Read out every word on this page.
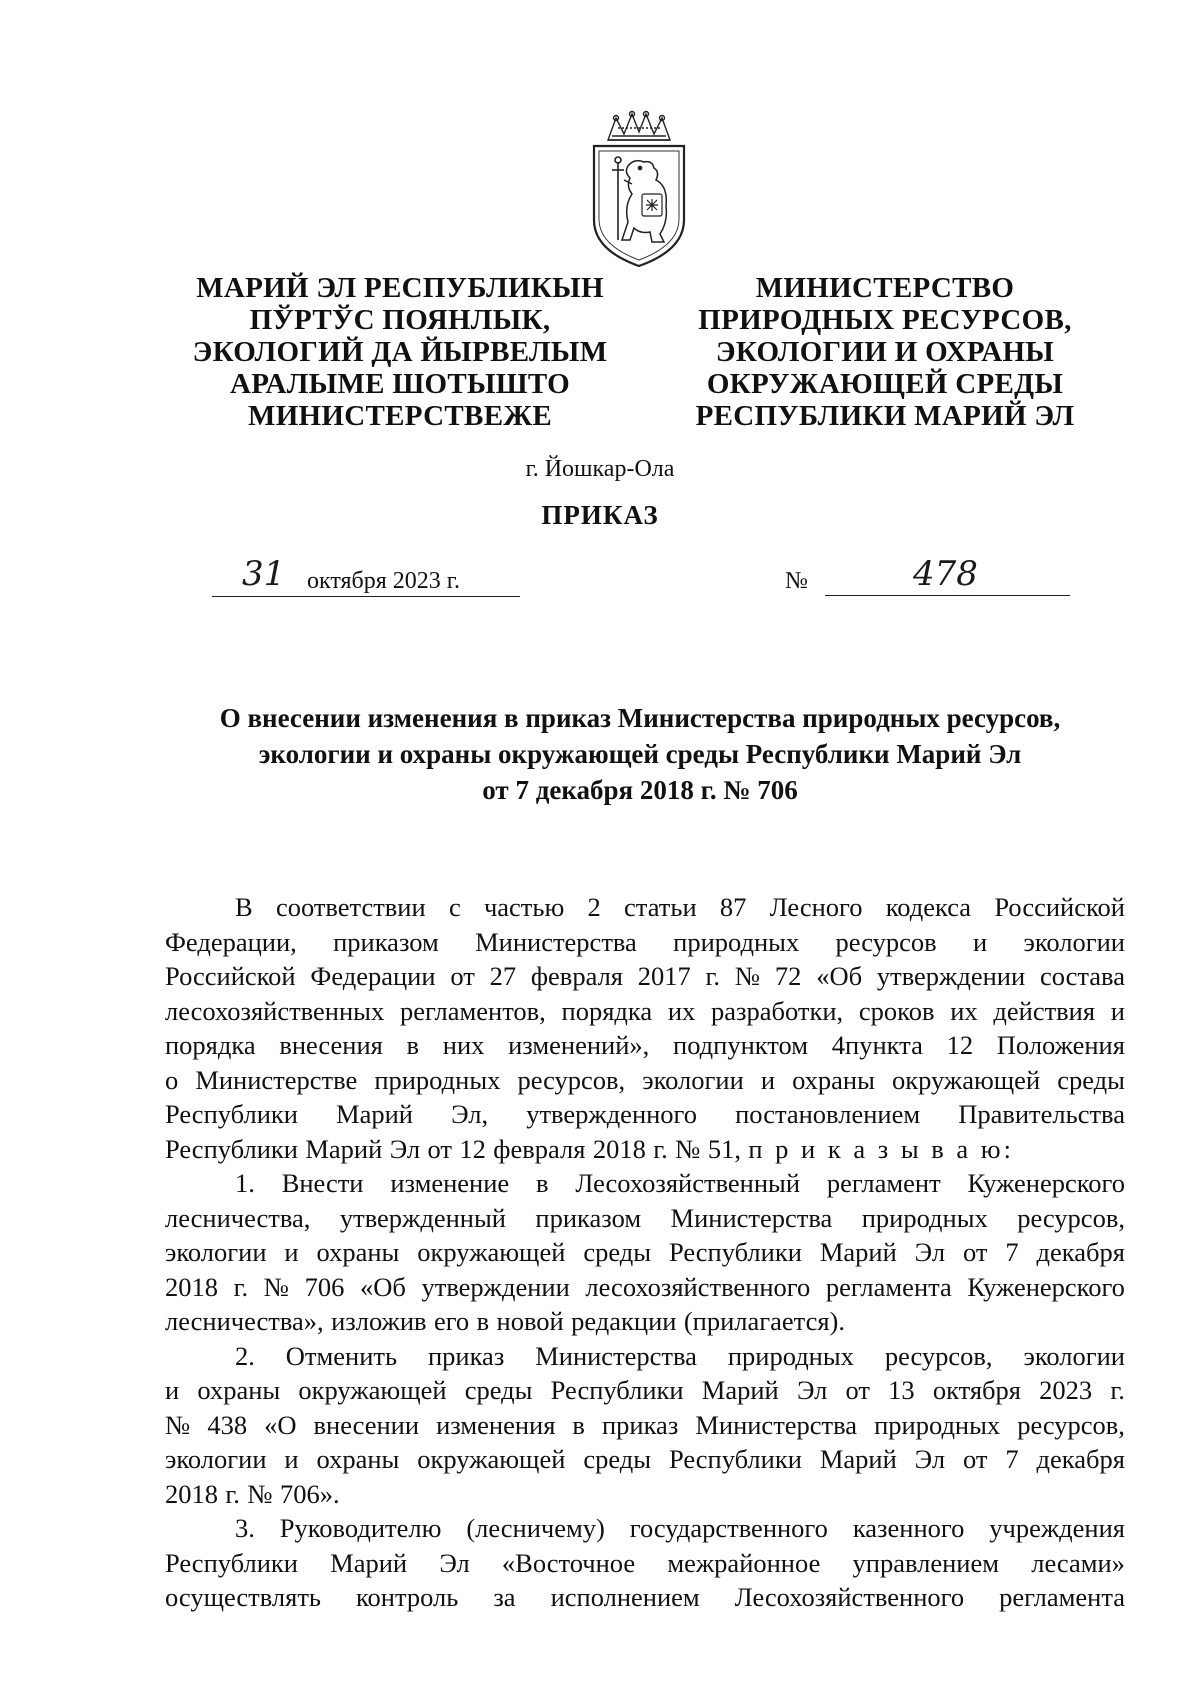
МАРИЙ ЭЛ РЕСПУБЛИКЫН
ПЎРТЎС ПОЯНЛЫК,
ЭКОЛОГИЙ ДА ЙЫРВЕЛЫМ
АРАЛЫМЕ ШОТЫШТО
МИНИСТЕРСТВЕЖЕ
МИНИСТЕРСТВО
ПРИРОДНЫХ РЕСУРСОВ,
ЭКОЛОГИИ И ОХРАНЫ
ОКРУЖАЮЩЕЙ СРЕДЫ
РЕСПУБЛИКИ МАРИЙ ЭЛ
г. Йошкар-Ола
ПРИКАЗ
31 октября 2023 г.	№	478
О внесении изменения в приказ Министерства природных ресурсов,
экологии и охраны окружающей среды Республики Марий Эл
от 7 декабря 2018 г. № 706
В соответствии с частью 2 статьи 87 Лесного кодекса Российской
Федерации, приказом Министерства природных ресурсов и экологии
Российской Федерации от 27 февраля 2017 г. № 72 «Об утверждении состава
лесохозяйственных регламентов, порядка их разработки, сроков их действия и
порядка внесения в них изменений», подпунктом 4пункта 12 Положения
о Министерстве природных ресурсов, экологии и охраны окружающей среды
Республики Марий Эл, утвержденного постановлением Правительства
Республики Марий Эл от 12 февраля 2018 г. № 51, п р и к а з ы в а ю:
1. Внести изменение в Лесохозяйственный регламент Куженерского
лесничества, утвержденный приказом Министерства природных ресурсов,
экологии и охраны окружающей среды Республики Марий Эл от 7 декабря
2018 г. № 706 «Об утверждении лесохозяйственного регламента Куженерского
лесничества», изложив его в новой редакции (прилагается).
2. Отменить приказ Министерства природных ресурсов, экологии
и охраны окружающей среды Республики Марий Эл от 13 октября 2023 г.
№ 438 «О внесении изменения в приказ Министерства природных ресурсов,
экологии и охраны окружающей среды Республики Марий Эл от 7 декабря
2018 г. № 706».
3. Руководителю (лесничему) государственного казенного учреждения
Республики Марий Эл «Восточное межрайонное управлением лесами»
осуществлять контроль за исполнением Лесохозяйственного регламента
